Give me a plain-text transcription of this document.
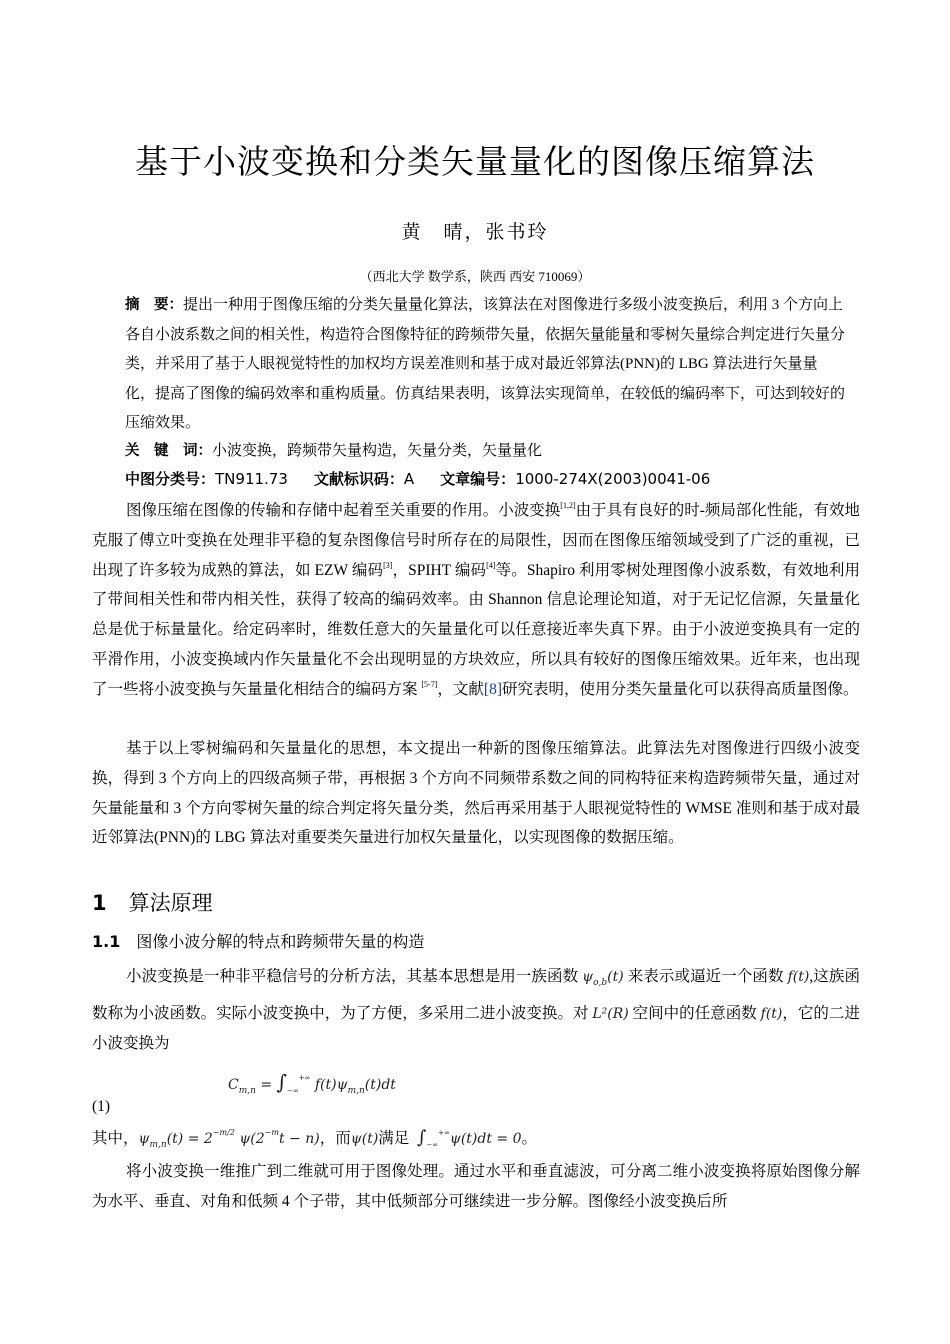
基于小波变换和分类矢量量化的图像压缩算法
黄　晴，张书玲
（西北大学 数学系，陕西 西安 710069）
摘　要：提出一种用于图像压缩的分类矢量量化算法，该算法在对图像进行多级小波变换后，利用 3 个方向上各自小波系数之间的相关性，构造符合图像特征的跨频带矢量，依据矢量能量和零树矢量综合判定进行矢量分类，并采用了基于人眼视觉特性的加权均方误差准则和基于成对最近邻算法(PNN)的 LBG 算法进行矢量量化，提高了图像的编码效率和重构质量。仿真结果表明，该算法实现简单，在较低的编码率下，可达到较好的压缩效果。
关　键　词：小波变换，跨频带矢量构造，矢量分类，矢量量化
中图分类号：TN911.73 文献标识码：A 文章编号：1000-274X(2003)0041-06
图像压缩在图像的传输和存储中起着至关重要的作用。小波变换[1,2]由于具有良好的时-频局部化性能，有效地克服了傅立叶变换在处理非平稳的复杂图像信号时所存在的局限性，因而在图像压缩领域受到了广泛的重视，已出现了许多较为成熟的算法，如 EZW 编码[3]，SPIHT 编码[4]等。Shapiro 利用零树处理图像小波系数，有效地利用了带间相关性和带内相关性，获得了较高的编码效率。由 Shannon 信息论理论知道，对于无记忆信源，矢量量化总是优于标量量化。给定码率时，维数任意大的矢量量化可以任意接近率失真下界。由于小波逆变换具有一定的平滑作用，小波变换域内作矢量量化不会出现明显的方块效应，所以具有较好的图像压缩效果。近年来，也出现了一些将小波变换与矢量量化相结合的编码方案 [5-7]，文献[8]研究表明，使用分类矢量量化可以获得高质量图像。
基于以上零树编码和矢量量化的思想，本文提出一种新的图像压缩算法。此算法先对图像进行四级小波变换，得到 3 个方向上的四级高频子带，再根据 3 个方向不同频带系数之间的同构特征来构造跨频带矢量，通过对矢量能量和 3 个方向零树矢量的综合判定将矢量分类，然后再采用基于人眼视觉特性的 WMSE 准则和基于成对最近邻算法(PNN)的 LBG 算法对重要类矢量进行加权矢量量化，以实现图像的数据压缩。
1 算法原理
1.1 图像小波分解的特点和跨频带矢量的构造
小波变换是一种非平稳信号的分析方法，其基本思想是用一族函数 $\psi_{o,b}(t)$ 来表示或逼近一个函数 f(t),这族函数称为小波函数。实际小波变换中，为了方便，多采用二进小波变换。对 L²(R) 空间中的任意函数 f(t)，它的二进小波变换为
$C_{m,n} = \int_{-\infty}^{+\infty}$ $f(t)\psi_{m,n}(t)dt$
(1)
其中，$\psi_{m,n}(t) = 2^{-m/2}$ $\psi(2^{-m}t - n)$，而ψ(t)满足 $\int_{-\infty}^{+\infty}\psi(t)dt = 0$。
将小波变换一维推广到二维就可用于图像处理。通过水平和垂直滤波，可分离二维小波变换将原始图像分解为水平、垂直、对角和低频 4 个子带，其中低频部分可继续进一步分解。图像经小波变换后所
